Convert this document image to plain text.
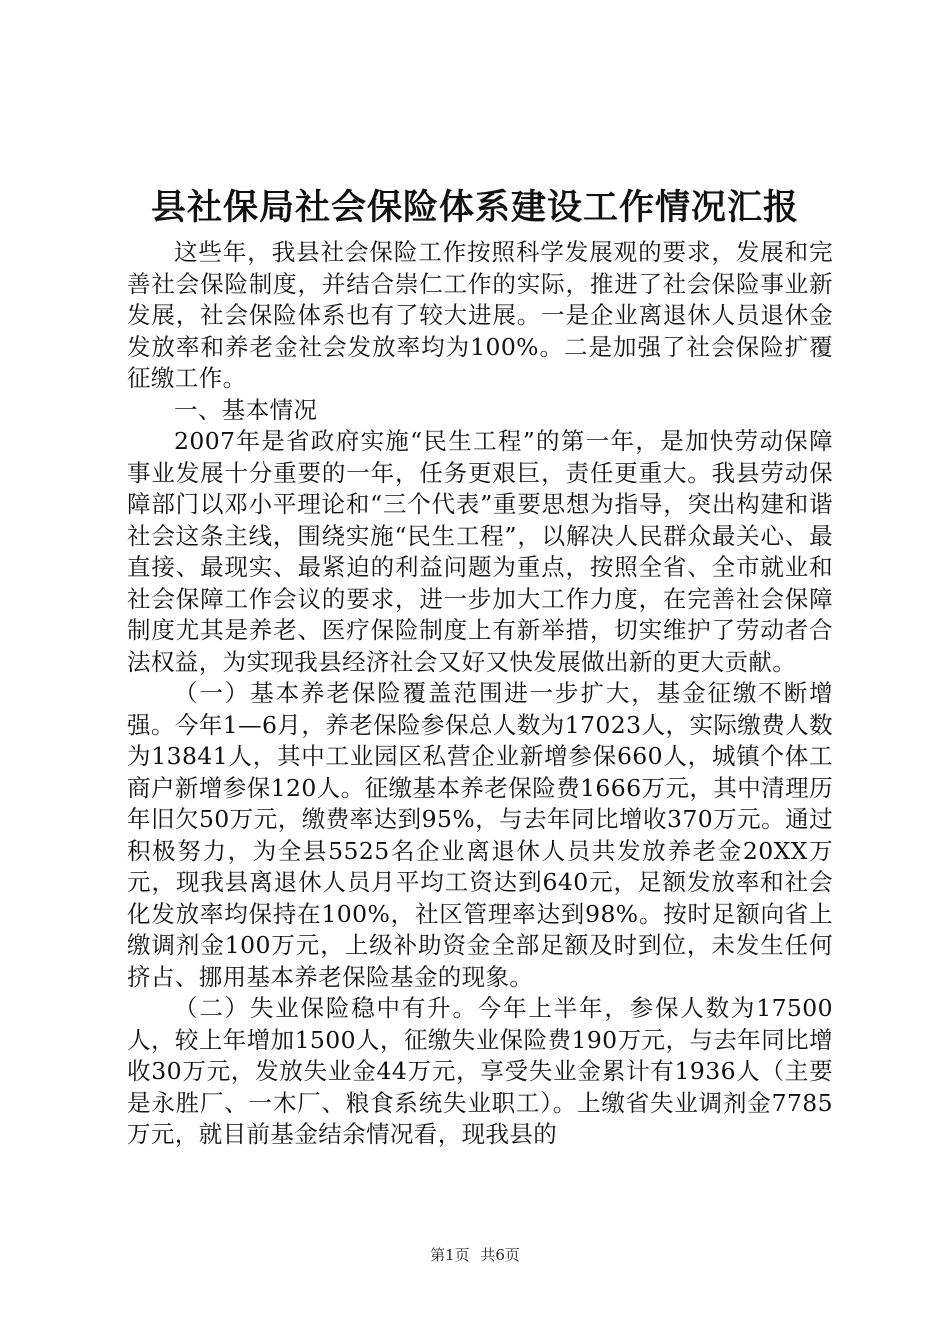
县社保局社会保险体系建设工作情况汇报

这些年，我县社会保险工作按照科学发展观的要求，发展和完善社会保险制度，并结合崇仁工作的实际，推进了社会保险事业新发展，社会保险体系也有了较大进展。一是企业离退休人员退休金发放率和养老金社会发放率均为100%。二是加强了社会保险扩覆征缴工作。

一、基本情况

2007年是省政府实施“民生工程”的第一年，是加快劳动保障事业发展十分重要的一年，任务更艰巨，责任更重大。我县劳动保障部门以邓小平理论和“三个代表”重要思想为指导，突出构建和谐社会这条主线，围绕实施“民生工程”，以解决人民群众最关心、最直接、最现实、最紧迫的利益问题为重点，按照全省、全市就业和社会保障工作会议的要求，进一步加大工作力度，在完善社会保障制度尤其是养老、医疗保险制度上有新举措，切实维护了劳动者合法权益，为实现我县经济社会又好又快发展做出新的更大贡献。

（一）基本养老保险覆盖范围进一步扩大，基金征缴不断增强。今年1—6月，养老保险参保总人数为17023人，实际缴费人数为13841人，其中工业园区私营企业新增参保660人，城镇个体工商户新增参保120人。征缴基本养老保险费1666万元，其中清理历年旧欠50万元，缴费率达到95%，与去年同比增收370万元。通过积极努力，为全县5525名企业离退休人员共发放养老金20XX万元，现我县离退休人员月平均工资达到640元，足额发放率和社会化发放率均保持在100%，社区管理率达到98%。按时足额向省上缴调剂金100万元，上级补助资金全部足额及时到位，未发生任何挤占、挪用基本养老保险基金的现象。

（二）失业保险稳中有升。今年上半年，参保人数为17500人，较上年增加1500人，征缴失业保险费190万元，与去年同比增收30万元，发放失业金44万元，享受失业金累计有1936人（主要是永胜厂、一木厂、粮食系统失业职工）。上缴省失业调剂金7785万元，就目前基金结余情况看，现我县的

第1页 共6页
